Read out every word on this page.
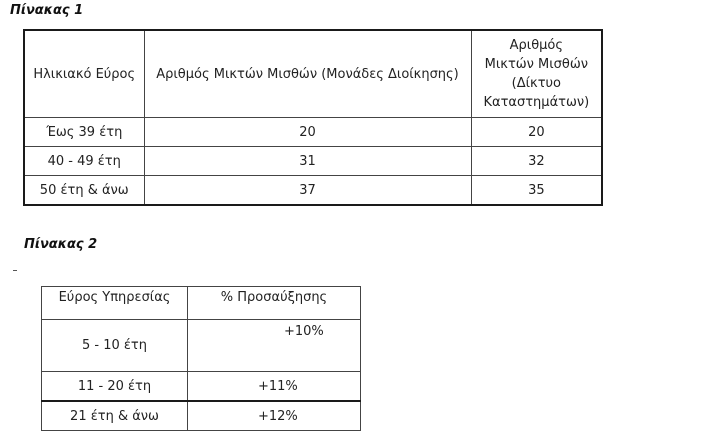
Πίνακας 1
Ηλικιακό Εύρος	Αριθμός Μικτών Μισθών (Μονάδες Διοίκησης)	Αριθμός Μικτών Μισθών (Δίκτυο Καταστημάτων)
Έως 39 έτη	20	20
40 - 49 έτη	31	32
50 έτη & άνω	37	35
Πίνακας 2
Εύρος Υπηρεσίας	% Προσαύξησης
5 - 10 έτη	+10%
11 - 20 έτη	+11%
21 έτη & άνω	+12%
